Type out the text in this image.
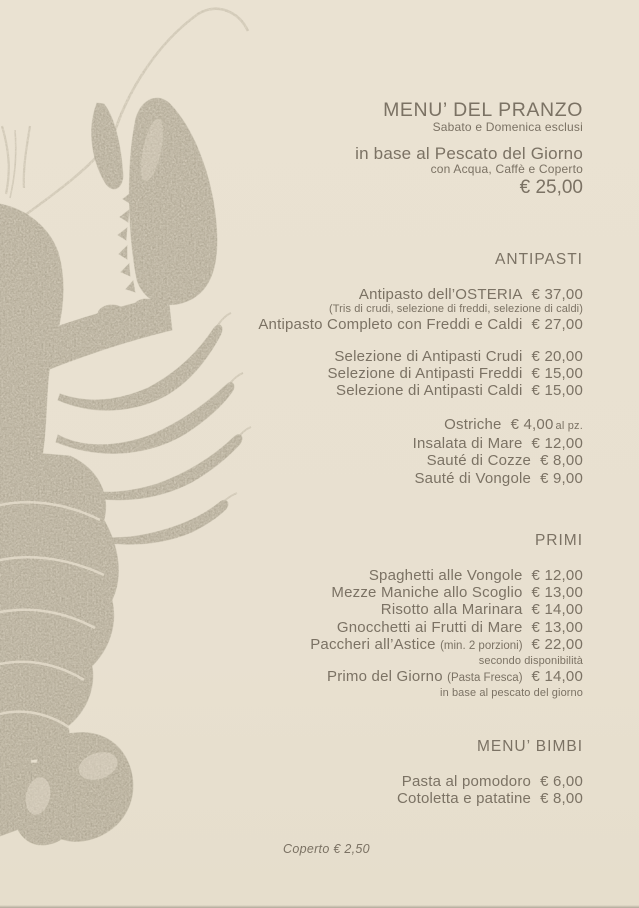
MENU’ DEL PRANZO
Sabato e Domenica esclusi
in base al Pescato del Giorno
con Acqua, Caffè e Coperto
€ 25,00
ANTIPASTI
Antipasto dell’OSTERIA € 37,00
(Tris di crudi, selezione di freddi, selezione di caldi)
Antipasto Completo con Freddi e Caldi € 27,00
Selezione di Antipasti Crudi € 20,00
Selezione di Antipasti Freddi € 15,00
Selezione di Antipasti Caldi € 15,00
Ostriche € 4,00 al pz.
Insalata di Mare € 12,00
Sauté di Cozze € 8,00
Sauté di Vongole € 9,00
PRIMI
Spaghetti alle Vongole € 12,00
Mezze Maniche allo Scoglio € 13,00
Risotto alla Marinara € 14,00
Gnocchetti ai Frutti di Mare € 13,00
Paccheri all’Astice (min. 2 porzioni) € 22,00
secondo disponibilità
Primo del Giorno (Pasta Fresca) € 14,00
in base al pescato del giorno
MENU’ BIMBI
Pasta al pomodoro € 6,00
Cotoletta e patatine € 8,00
Coperto € 2,50
